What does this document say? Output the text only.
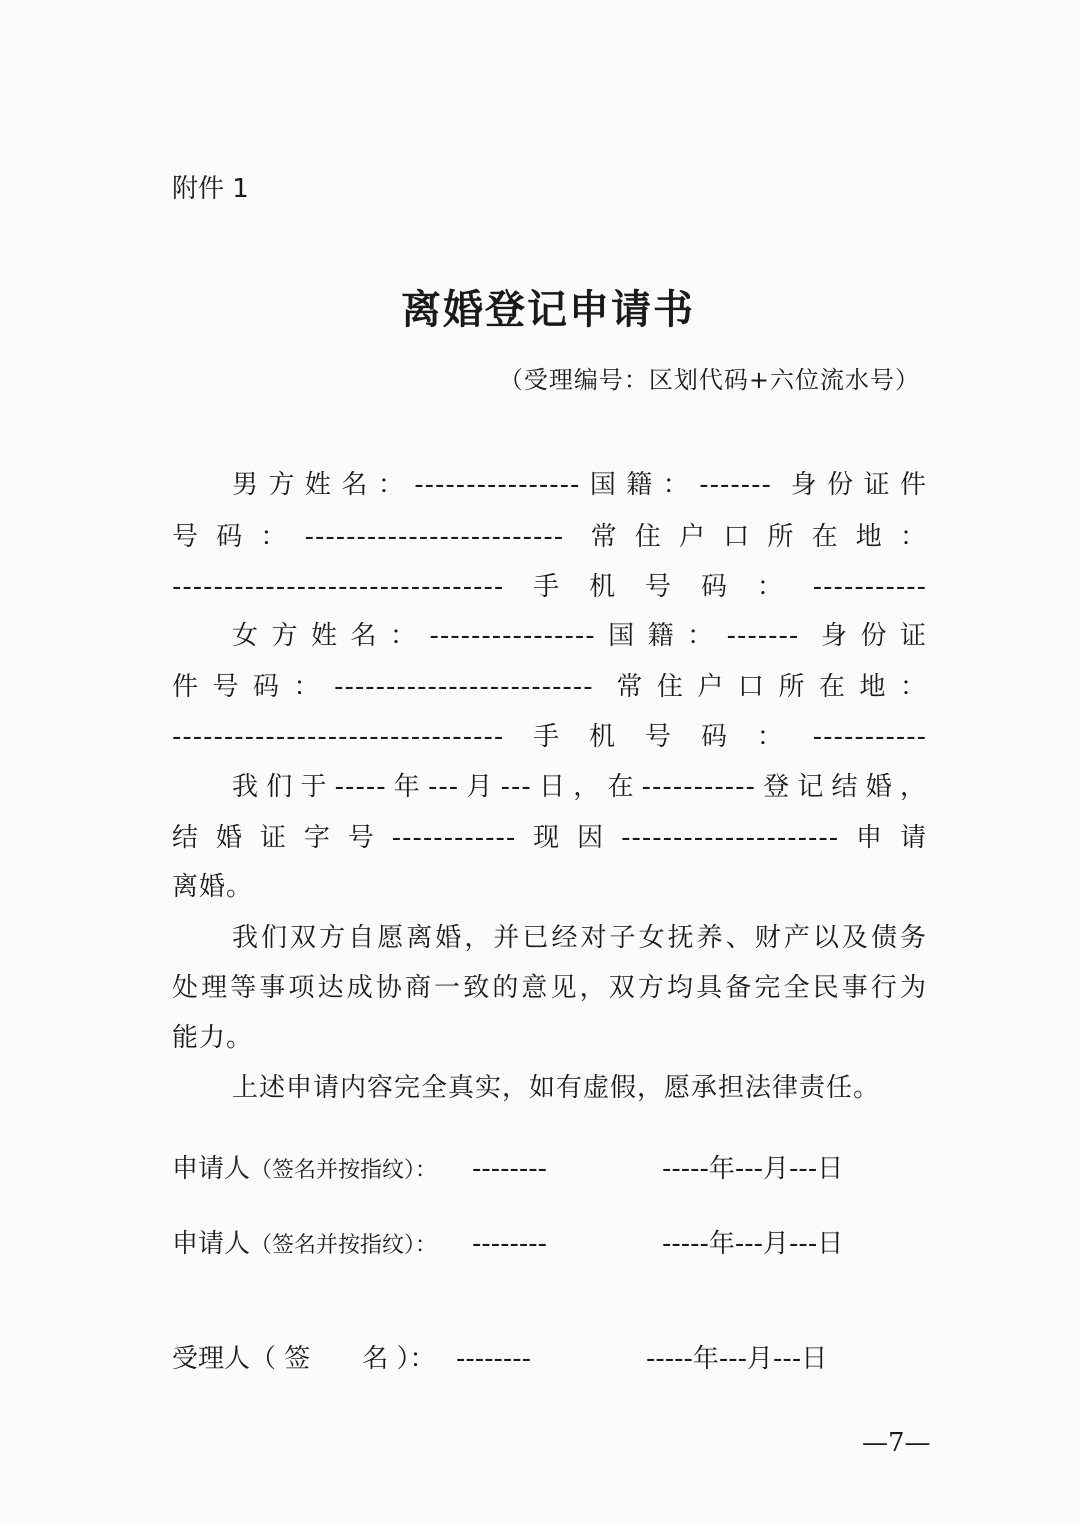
附件 1
离婚登记申请书
（受理编号：区划代码+六位流水号）
男方姓名：----------------国籍：------- 身份证件
号码：------------------------- 常住户口所在地：
--------------------------------手机号码：-----------
女方姓名：----------------国籍：------- 身份证
件号码：------------------------- 常住户口所在地：
--------------------------------手机号码：-----------
我们于-----年---月---日，在-----------登记结婚，
结婚证字号------------现因---------------------申请
离婚。
我们双方自愿离婚，并已经对子女抚养、财产以及债务
处理等事项达成协商一致的意见，双方均具备完全民事行为
能力。
上述申请内容完全真实，如有虚假，愿承担法律责任。
申请人（签名并按指纹）： --------	-----年---月---日
申请人（签名并按指纹）： --------	-----年---月---日
受理人（ 签　　名 ）： --------	-----年---月---日
—7—
